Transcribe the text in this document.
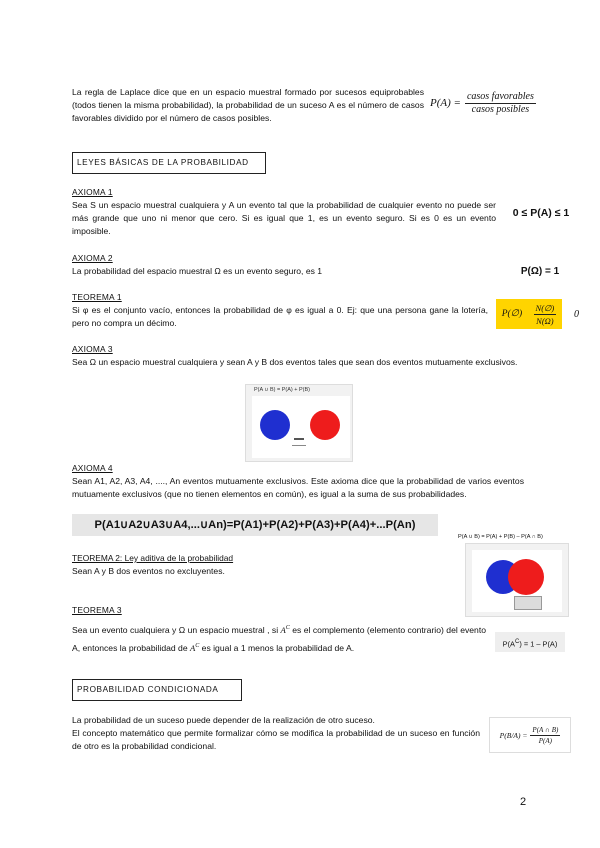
La regla de Laplace dice que en un espacio muestral formado por sucesos equiprobables (todos tienen la misma probabilidad), la probabilidad de un suceso A es el número de casos favorables dividido por el número de casos posibles.
$P(A) = \frac{\text{casos favorables}}{\text{casos posibles}}$
LEYES BÁSICAS DE LA PROBABILIDAD
AXIOMA 1
Sea S un espacio muestral cualquiera y A un evento tal que la probabilidad de cualquier evento no puede ser más grande que uno ni menor que cero. Si es igual que 1, es un evento seguro. Si es 0 es un evento imposible.
0 ≤ P(A) ≤ 1
AXIOMA 2
La probabilidad del espacio muestral Ω es un evento seguro, es 1	P(Ω) = 1
TEOREMA 1
Si φ es el conjunto vacío, entonces la probabilidad de φ es igual a 0. Ej: que una persona gane la lotería, pero no compra un décimo.
P(∅) $\frac{N(\emptyset)}{N(\Omega)} 0$
AXIOMA 3
Sea Ω un espacio muestral cualquiera y sean A y B dos eventos tales que sean dos eventos mutuamente exclusivos.
P(A ∪ B) = P(A) + P(B)
AXIOMA 4
Sean A1, A2, A3, A4, ...., An eventos mutuamente exclusivos. Este axioma dice que la probabilidad de varios eventos mutuamente exclusivos (que no tienen elementos en común), es igual a la suma de sus probabilidades.
P(A1∪A2∪A3∪A4,...∪An)=P(A1)+P(A2)+P(A3)+P(A4)+...P(An)
P(A ∪ B) = P(A) + P(B) – P(A ∩ B)
TEOREMA 2: Ley aditiva de la probabilidad
Sean A y B dos eventos no excluyentes.
TEOREMA 3
Sea un evento cualquiera y Ω un espacio muestral , si $A^C$ es el complemento (elemento contrario) del evento A, entonces la probabilidad de $A^C$ es igual a 1 menos la probabilidad de A.	$P(A^C) = 1 - P(A)$
PROBABILIDAD CONDICIONADA
La probabilidad de un suceso puede depender de la realización de otro suceso.
El concepto matemático que permite formalizar cómo se modifica la probabilidad de un suceso en función de otro es la probabilidad condicional.
$P(B/A) = \frac{P(A \cap B)}{P(A)}$
2
